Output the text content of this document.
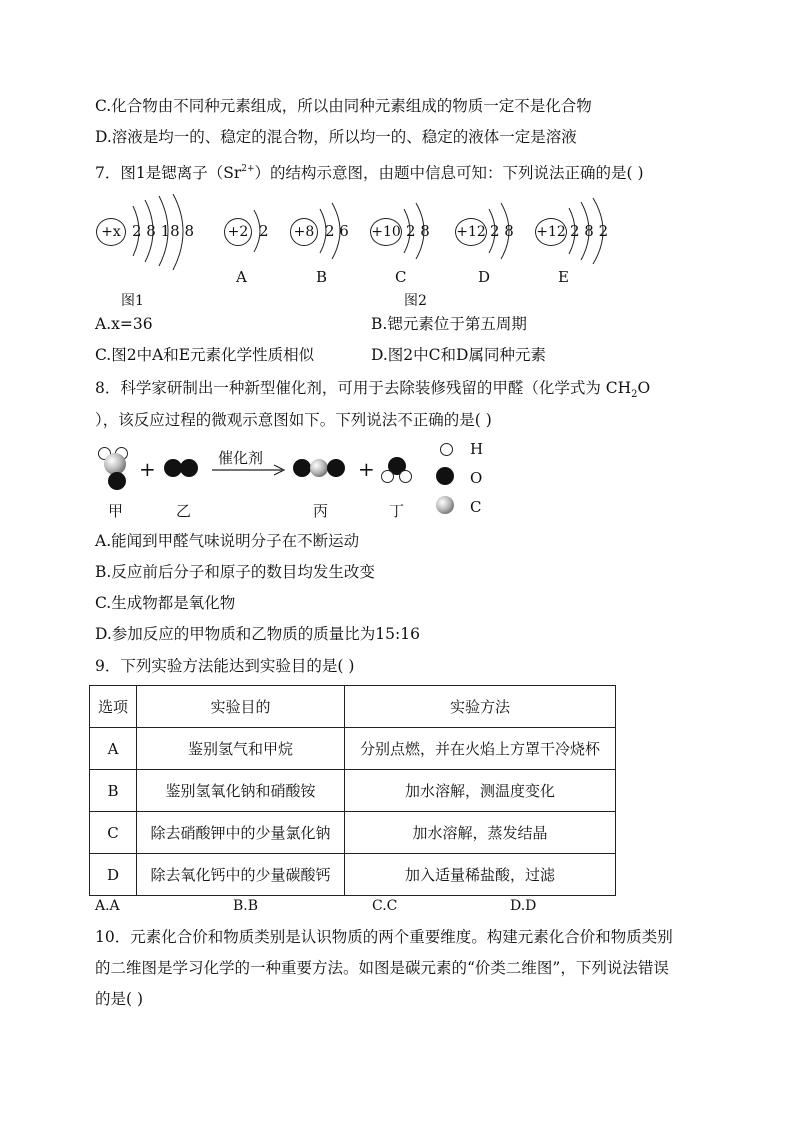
C.化合物由不同种元素组成，所以由同种元素组成的物质一定不是化合物
D.溶液是均一的、稳定的混合物，所以均一的、稳定的液体一定是溶液
7．图1是锶离子$(Sr^{2+})$的结构示意图，由题中信息可知：下列说法正确的是( )
+x 2 8 18 8
图1
+2 2
A
+8 2 6
B
+10 2 8
C
+12 2 8
D
+12 2 8 2
E
图2
A.x=36	B.锶元素位于第五周期
C.图2中A和E元素化学性质相似	D.图2中C和D属同种元素
8．科学家研制出一种新型催化剂，可用于去除装修残留的甲醛（化学式为 $CH_2O$
），该反应过程的微观示意图如下。下列说法不正确的是( )
+	催化剂	+
甲	乙	丙	丁
H
O
C
A.能闻到甲醛气味说明分子在不断运动
B.反应前后分子和原子的数目均发生改变
C.生成物都是氧化物
D.参加反应的甲物质和乙物质的质量比为15:16
9．下列实验方法能达到实验目的是( )
选项	实验目的	实验方法
A	鉴别氢气和甲烷	分别点燃，并在火焰上方罩干冷烧杯
B	鉴别氢氧化钠和硝酸铵	加水溶解，测温度变化
C	除去硝酸钾中的少量氯化钠	加水溶解，蒸发结晶
D	除去氧化钙中的少量碳酸钙	加入适量稀盐酸，过滤
A.A	B.B	C.C	D.D
10．元素化合价和物质类别是认识物质的两个重要维度。构建元素化合价和物质类别
的二维图是学习化学的一种重要方法。如图是碳元素的“价类二维图”，下列说法错误
的是( )
